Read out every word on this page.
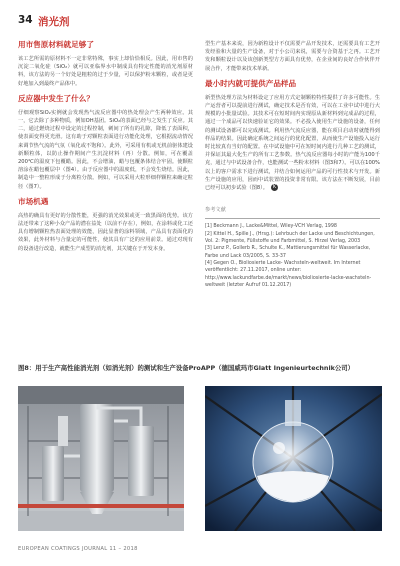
34 消光剂
用市售原材料就足够了

该工艺所需的原材料不一定非常特殊，事实上却恰恰相反。因此，用市售的沉淀二氧化硅（SiO₂）就可以亚临界水中制成具有特定性能的消光剂原材料，该方法的另一个好处是粗粒的过于少量，可以保护粉末颗粒，或者是更好地加入到最终产品体中。

反应器中发生了什么？

仔细观察SiO₂实例就会发现热气流反应器中的热处理会产生两种效应。其一，它去除了多种物质，例如OH基团。SiO₂的表面已经与之发生了反应。其二，通过燃烧过程中设定的过程控制，刺间了所有的孔隙，降低了表面积，使表面变得更光滑。这有助于对颗粒表面进行功能化处理，它根据流动情况来调节热气流的气氛（氧化或不饱和）。此外，可采用有机或无机前驱体建设新颗粒体，以防止操作期间产生沉淀材料（再）分散。例如，可在覆盖200℃的温度下包覆蜡。因此，不会增油，蜡与包覆条体结合牢固。使颗粒溶涂在蜡包覆层中（图4）。由于反应器中的温度低，不会发生烧结。因此，制造中一整粒形成于分离粒分散。例如，可以采用大粒形细样颗粒来确定粒径（图7）。

市场机遇

高热的确具有更好的分散性能，更强的消光效果或更一致黑面的优势。该方法还带来了这种小众产品的潜在益处（以前不存在），例如，在涂料或化工还具有增制颗粒热表面处理的效能，因此显著的涂料领域，产品具有表面化的效果，此外材料与合量定的可能性，使其具有广泛的应用前景。通过对现有的设备进行改造，就能生产成型的消光剂，其关键在于开发本身。

型生产基本来说，因为新粒设计不仅需要产品开发技术，还需要具有工艺开发经验和大量的生产设备，对于小公司来说，需要与合资基于之再。工艺开发和颗粒设计以及该创新类型方方面具有优势，在企业间的良好合作伙伴开展合作，才能带来技术革新。

最小时内就可提供产品样品

新型热处理方法为材料设定了应用方式定制颗粒特性提供了许多可能性。生产运营者可以提前进行测试，确定技术是否有效，可以在工业中试中进行大规模的小批量试验。其技术可在短时间内实现原从新材料到完成品的过程，通过一个成品可以快速验证它的效果。不必投入使用生产设施的设备，任何的测试设备都可以完成测试。利用热气流反应器，能在项目启动时就能得到样品的结果。因此确定系统之间运行的优化配置，从而使生产设施投入运行时比较真有当好的配置。在中试设施中可在短时间内进行几种工艺的测试，并保证其最大化生产的所有工艺参数。热气流反应器每小时的产能为100千克，通过与中试设备合作，也能测试一些粉末材料（图3和7）。可以在100%以上的客户需求下进行测试，并结合如何运用产品的可行性技术与开发。新生产设施的应用，因而中试装置的投资非常有限。该方法在不断发展，目前已经可以初步试验（图8）。 K

参考文献
[1] Beckmann J., Lacke&Mittel, Wiley-VCH Verlag, 1998
[2] Kittel H., Spille J., (Hrsg.): Lehrbuch der Lacke und Beschichtungen, Vol. 2: Pigmente, Füllstoffe und Farbmittel, S. Hirzel Verlag, 2003
[3] Lenz P., Gollerb R., Schulte K., Mattierungsmittel für Wasserlacke, Farbe und Lack 03/2005, S. 33-37
[4] Gegen O., Bioliosierte Lacke- Wachsteln-weltweit. Im Internet veröffentlicht: 27.11.2017, online unter: http://www.lackundfarbe.de/markt/news/bioliosierte-lacke-wachsteln-weltweit (letzter Aufruf 01.12.2017)
图8：用于生产高性能消光剂（如消光剂）的测试和生产设备ProAPP（德国威玛市Glatt Ingenieurtechnik公司）
EUROPEAN COATINGS JOURNAL 11 – 2018
